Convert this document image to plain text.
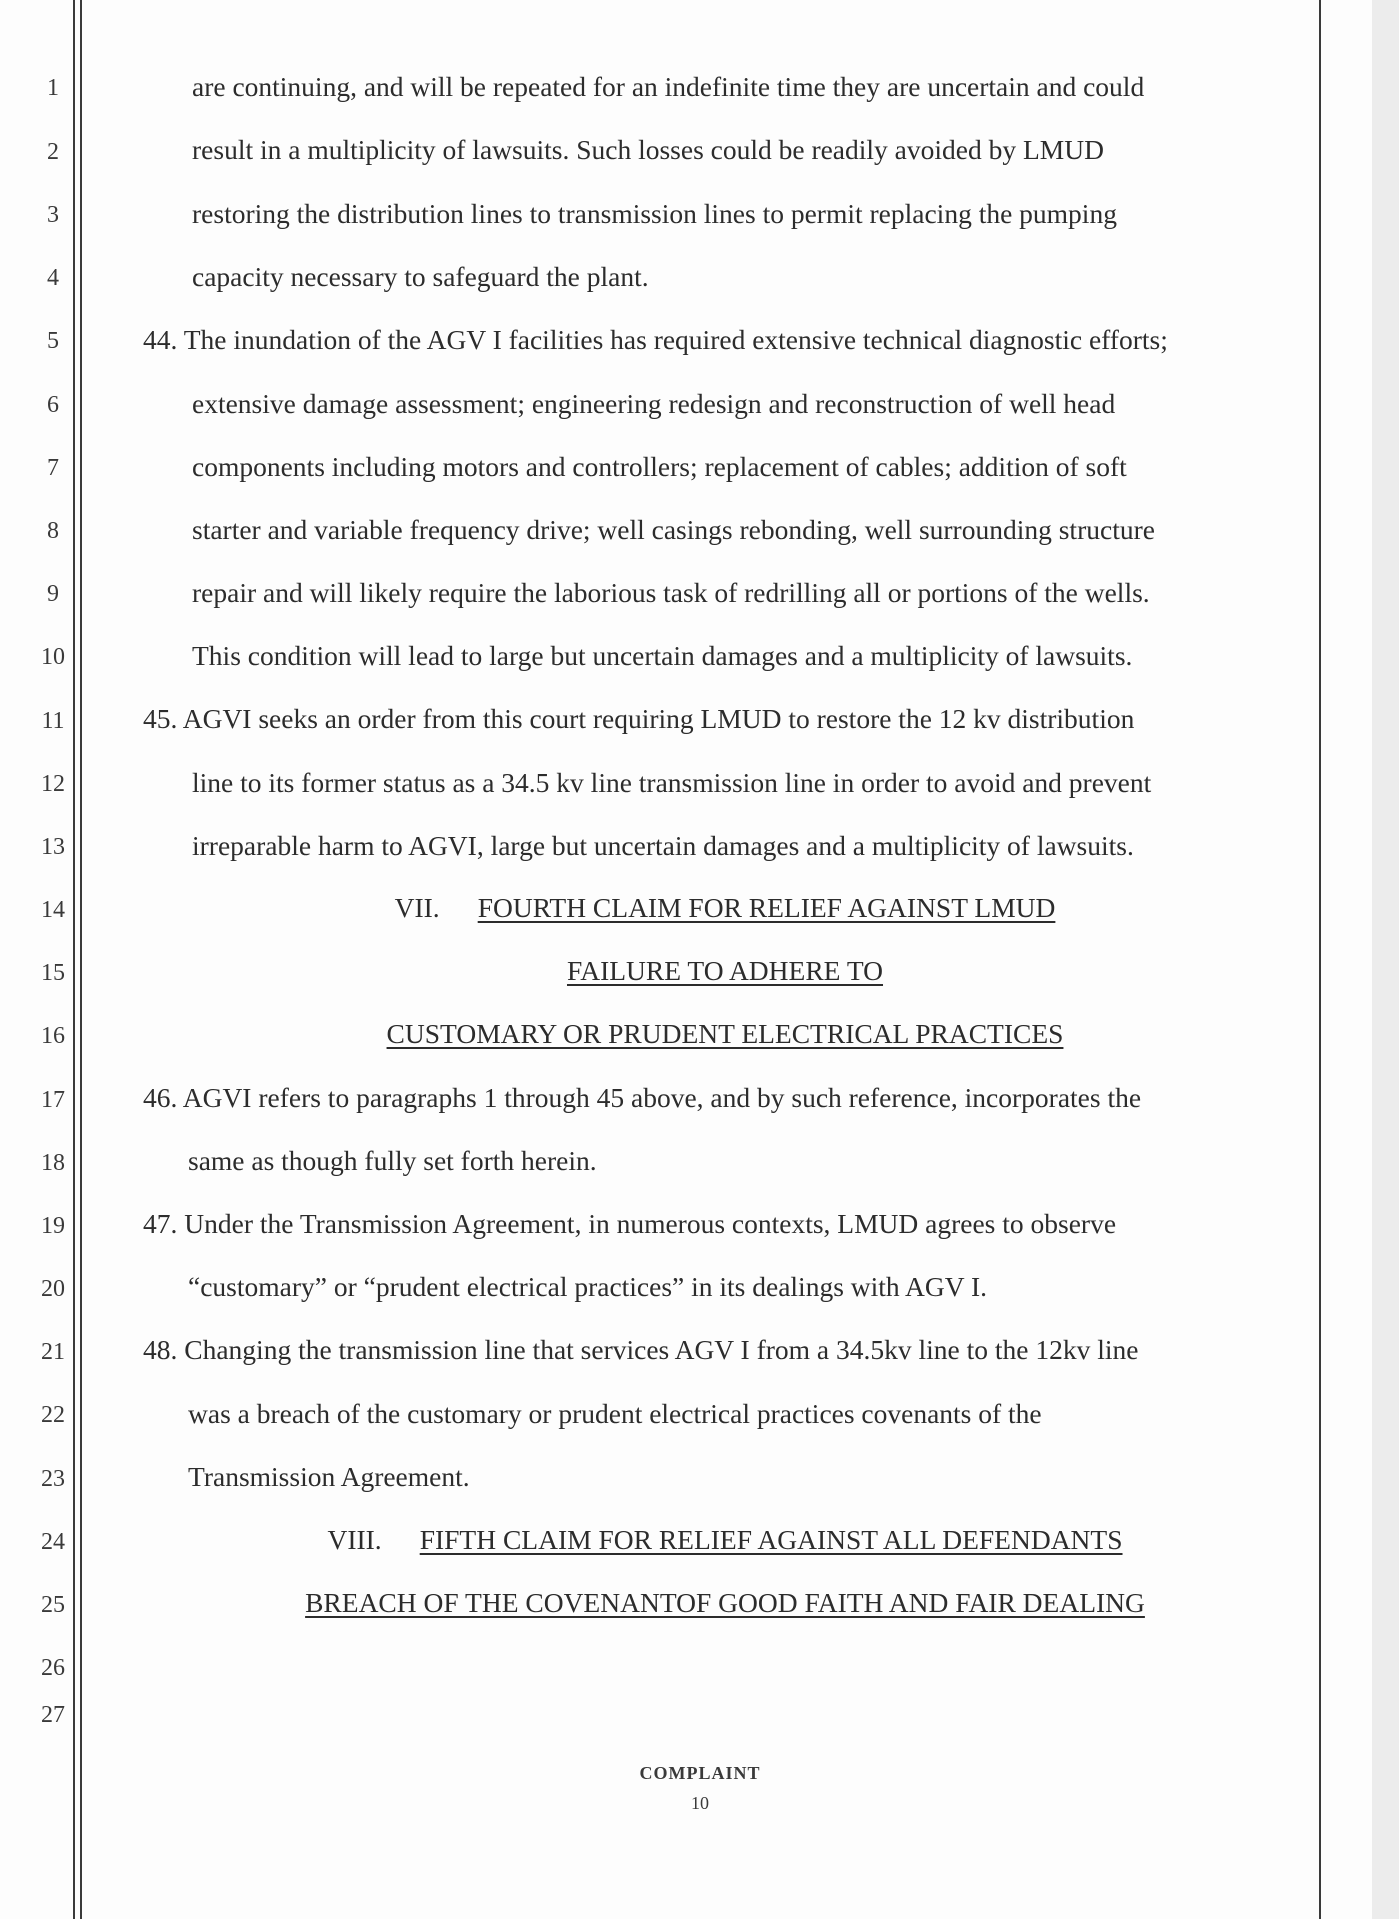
1
2
3
4
5
6
7
8
9
10
11
12
13
14
15
16
17
18
19
20
21
22
23
24
25
26
27
are continuing, and will be repeated for an indefinite time they are uncertain and could
result in a multiplicity of lawsuits. Such losses could be readily avoided by LMUD
restoring the distribution lines to transmission lines to permit replacing the pumping
capacity necessary to safeguard the plant.
44. The inundation of the AGV I facilities has required extensive technical diagnostic efforts;
extensive damage assessment; engineering redesign and reconstruction of well head
components including motors and controllers; replacement of cables; addition of soft
starter and variable frequency drive; well casings rebonding, well surrounding structure
repair and will likely require the laborious task of redrilling all or portions of the wells.
This condition will lead to large but uncertain damages and a multiplicity of lawsuits.
45. AGVI seeks an order from this court requiring LMUD to restore the 12 kv distribution
line to its former status as a 34.5 kv line transmission line in order to avoid and prevent
irreparable harm to AGVI, large but uncertain damages and a multiplicity of lawsuits.
VII. FOURTH CLAIM FOR RELIEF AGAINST LMUD
FAILURE TO ADHERE TO
CUSTOMARY OR PRUDENT ELECTRICAL PRACTICES
46. AGVI refers to paragraphs 1 through 45 above, and by such reference, incorporates the
same as though fully set forth herein.
47. Under the Transmission Agreement, in numerous contexts, LMUD agrees to observe
“customary” or “prudent electrical practices” in its dealings with AGV I.
48. Changing the transmission line that services AGV I from a 34.5kv line to the 12kv line
was a breach of the customary or prudent electrical practices covenants of the
Transmission Agreement.
VIII. FIFTH CLAIM FOR RELIEF AGAINST ALL DEFENDANTS
BREACH OF THE COVENANTOF GOOD FAITH AND FAIR DEALING
COMPLAINT
10
